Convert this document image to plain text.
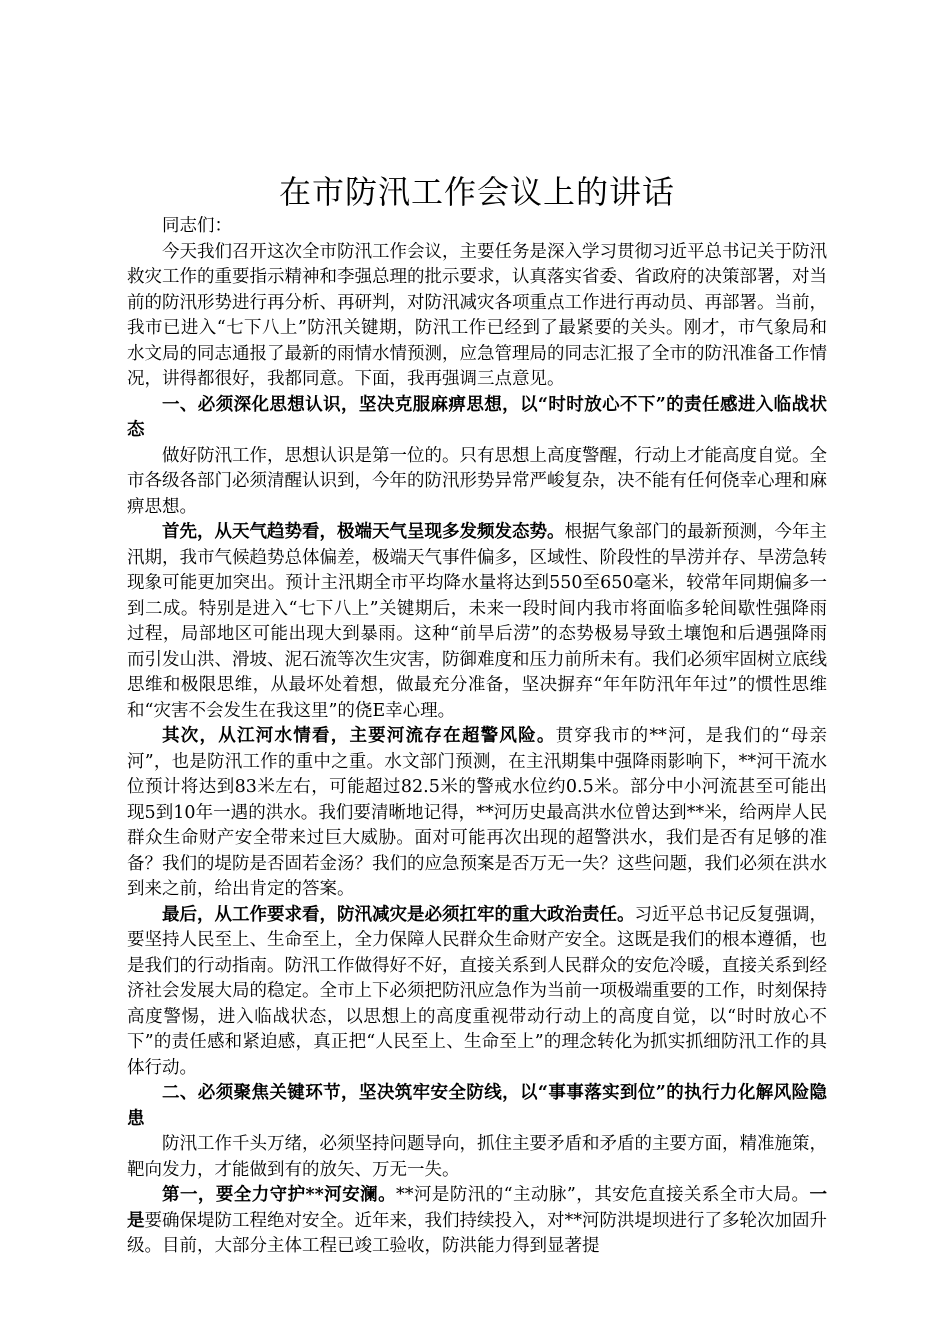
在市防汛工作会议上的讲话

同志们：

今天我们召开这次全市防汛工作会议，主要任务是深入学习贯彻习近平总书记关于防汛救灾工作的重要指示精神和李强总理的批示要求，认真落实省委、省政府的决策部署，对当前的防汛形势进行再分析、再研判，对防汛减灾各项重点工作进行再动员、再部署。当前，我市已进入“七下八上”防汛关键期，防汛工作已经到了最紧要的关头。刚才，市气象局和水文局的同志通报了最新的雨情水情预测，应急管理局的同志汇报了全市的防汛准备工作情况，讲得都很好，我都同意。下面，我再强调三点意见。

一、必须深化思想认识，坚决克服麻痹思想，以“时时放心不下”的责任感进入临战状态

做好防汛工作，思想认识是第一位的。只有思想上高度警醒，行动上才能高度自觉。全市各级各部门必须清醒认识到，今年的防汛形势异常严峻复杂，决不能有任何侥幸心理和麻痹思想。

首先，从天气趋势看，极端天气呈现多发频发态势。根据气象部门的最新预测，今年主汛期，我市气候趋势总体偏差，极端天气事件偏多，区域性、阶段性的旱涝并存、旱涝急转现象可能更加突出。预计主汛期全市平均降水量将达到550至650毫米，较常年同期偏多一到二成。特别是进入“七下八上”关键期后，未来一段时间内我市将面临多轮间歇性强降雨过程，局部地区可能出现大到暴雨。这种“前旱后涝”的态势极易导致土壤饱和后遇强降雨而引发山洪、滑坡、泥石流等次生灾害，防御难度和压力前所未有。我们必须牢固树立底线思维和极限思维，从最坏处着想，做最充分准备，坚决摒弃“年年防汛年年过”的惯性思维和“灾害不会发生在我这里”的侥E幸心理。

其次，从江河水情看，主要河流存在超警风险。贯穿我市的**河，是我们的“母亲河”，也是防汛工作的重中之重。水文部门预测，在主汛期集中强降雨影响下，**河干流水位预计将达到83米左右，可能超过82.5米的警戒水位约0.5米。部分中小河流甚至可能出现5到10年一遇的洪水。我们要清晰地记得，**河历史最高洪水位曾达到**米，给两岸人民群众生命财产安全带来过巨大威胁。面对可能再次出现的超警洪水，我们是否有足够的准备？我们的堤防是否固若金汤？我们的应急预案是否万无一失？这些问题，我们必须在洪水到来之前，给出肯定的答案。

最后，从工作要求看，防汛减灾是必须扛牢的重大政治责任。习近平总书记反复强调，要坚持人民至上、生命至上，全力保障人民群众生命财产安全。这既是我们的根本遵循，也是我们的行动指南。防汛工作做得好不好，直接关系到人民群众的安危冷暖，直接关系到经济社会发展大局的稳定。全市上下必须把防汛应急作为当前一项极端重要的工作，时刻保持高度警惕，进入临战状态，以思想上的高度重视带动行动上的高度自觉，以“时时放心不下”的责任感和紧迫感，真正把“人民至上、生命至上”的理念转化为抓实抓细防汛工作的具体行动。

二、必须聚焦关键环节，坚决筑牢安全防线，以“事事落实到位”的执行力化解风险隐患

防汛工作千头万绪，必须坚持问题导向，抓住主要矛盾和矛盾的主要方面，精准施策，靶向发力，才能做到有的放矢、万无一失。

第一，要全力守护**河安澜。**河是防汛的“主动脉”，其安危直接关系全市大局。一是要确保堤防工程绝对安全。近年来，我们持续投入，对**河防洪堤坝进行了多轮次加固升级。目前，大部分主体工程已竣工验收，防洪能力得到显著提
